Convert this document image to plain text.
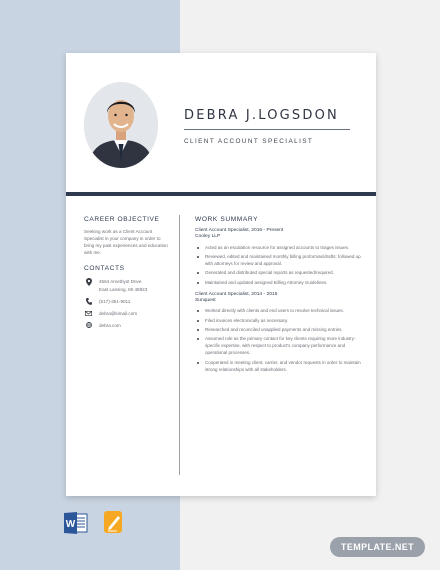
DEBRA J.LOGSDON
CLIENT ACCOUNT SPECIALIST
CAREER OBJECTIVE

Seeking work as a Client Account Specialist in your company in order to bring my past experiences and education with me.

CONTACTS
4564 Amethyst Drive
East Lansing, MI 48823
(517)-351-9011
debra@kimail.com
debra.com
WORK SUMMARY
Client Account Specialist, 2016 - Present
Cooley LLP
Acted as an escalation resource for assigned accounts to triages issues.
Reviewed, edited and maintained monthly billing proformas/drafts; followed up with attorneys for review and approval.
Generated and distributed special reports as requested/required.
Maintained and updated assigned Billing Attorney Guidelines.
Client Account Specialist, 2014 - 2016
Sunquest
Worked directly with clients and end users to resolve technical issues.
Filed invoices electronically as necessary.
Researched and reconciled unapplied payments and missing entries.
Assumed role as the primary contact for key clients requiring more industry-specific expertise, with respect to product's company performance and operational processes.
Cooperated in meeting client, carrier, and vendor requests in order to maintain strong relationships with all stakeholders.
W
TEMPLATE.NET
